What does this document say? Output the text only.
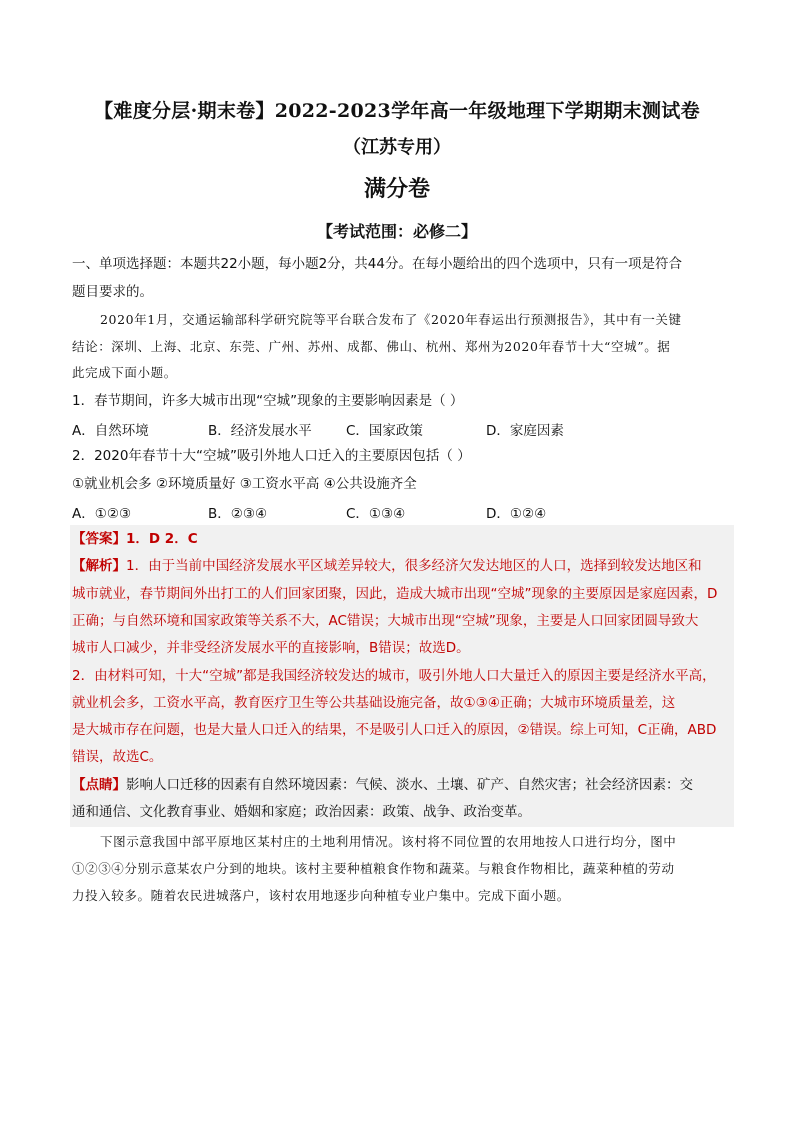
【难度分层·期末卷】2022-2023学年高一年级地理下学期期末测试卷
（江苏专用）
满分卷
【考试范围：必修二】
一、单项选择题：本题共22小题，每小题2分，共44分。在每小题给出的四个选项中，只有一项是符合
题目要求的。
2020年1月，交通运输部科学研究院等平台联合发布了《2020年春运出行预测报告》，其中有一关键
结论：深圳、上海、北京、东莞、广州、苏州、成都、佛山、杭州、郑州为2020年春节十大“空城”。据
此完成下面小题。
1．春节期间，许多大城市出现“空城”现象的主要影响因素是（ ）
A．自然环境	B．经济发展水平	C．国家政策	D．家庭因素
2．2020年春节十大“空城”吸引外地人口迁入的主要原因包括（ ）
①就业机会多 ②环境质量好 ③工资水平高 ④公共设施齐全
A．①②③	B．②③④	C．①③④	D．①②④
【答案】1．D 2．C
【解析】1．由于当前中国经济发展水平区域差异较大，很多经济欠发达地区的人口，选择到较发达地区和
城市就业，春节期间外出打工的人们回家团聚，因此，造成大城市出现“空城”现象的主要原因是家庭因素，D
正确；与自然环境和国家政策等关系不大，AC错误；大城市出现“空城”现象，主要是人口回家团圆导致大
城市人口减少，并非受经济发展水平的直接影响，B错误；故选D。
2．由材料可知，十大“空城”都是我国经济较发达的城市，吸引外地人口大量迁入的原因主要是经济水平高，
就业机会多，工资水平高，教育医疗卫生等公共基础设施完备，故①③④正确；大城市环境质量差，这
是大城市存在问题，也是大量人口迁入的结果，不是吸引人口迁入的原因，②错误。综上可知，C正确，ABD
错误，故选C。
【点睛】影响人口迁移的因素有自然环境因素：气候、淡水、土壤、矿产、自然灾害；社会经济因素：交
通和通信、文化教育事业、婚姻和家庭；政治因素：政策、战争、政治变革。
下图示意我国中部平原地区某村庄的土地利用情况。该村将不同位置的农用地按人口进行均分，图中
①②③④分别示意某农户分到的地块。该村主要种植粮食作物和蔬菜。与粮食作物相比，蔬菜种植的劳动
力投入较多。随着农民进城落户，该村农用地逐步向种植专业户集中。完成下面小题。
